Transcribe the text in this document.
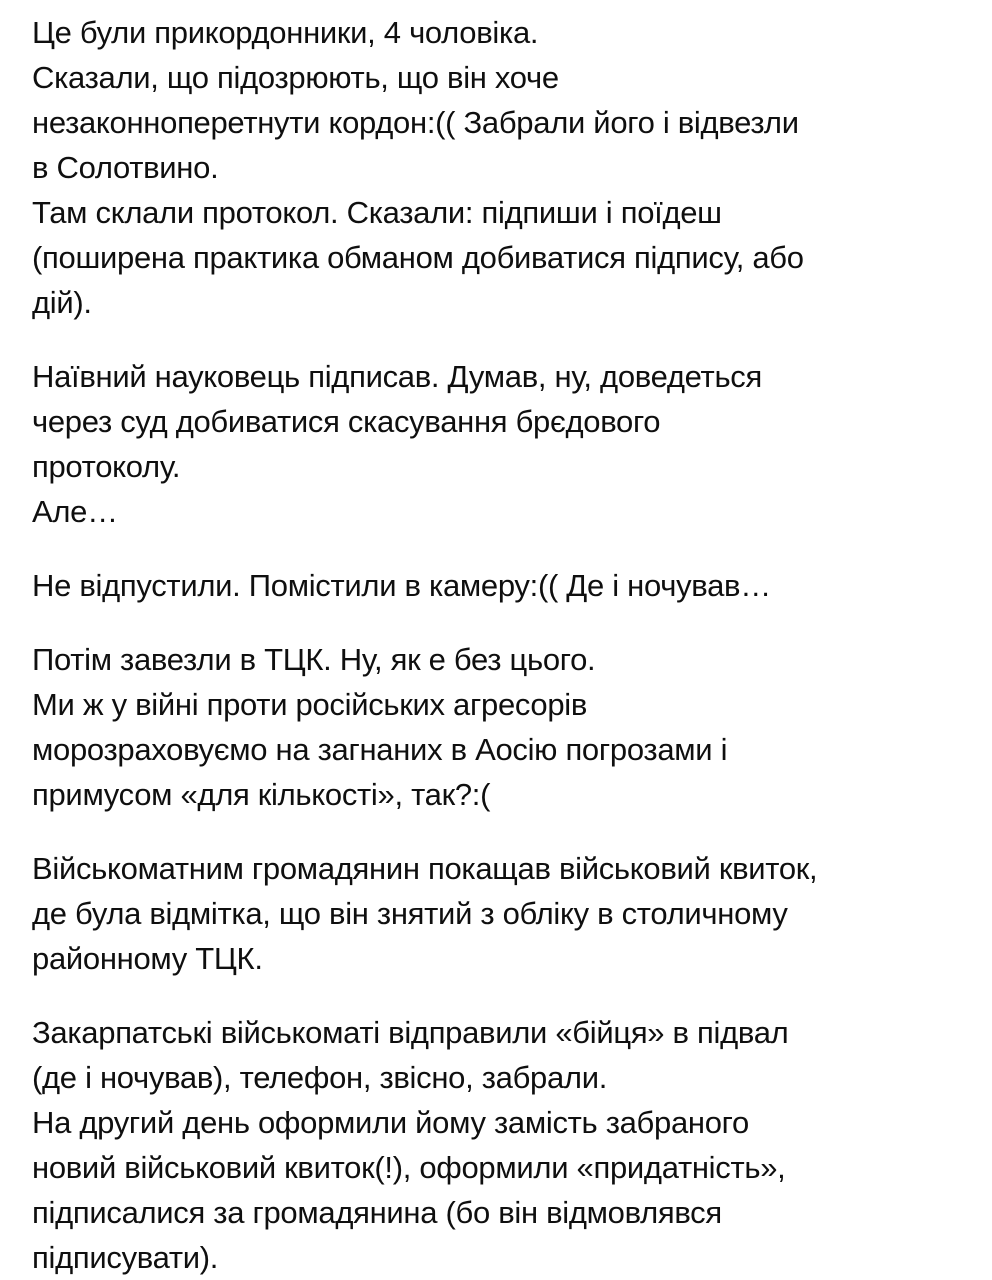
Це були прикордонники, 4 чоловіка.
Сказали, що підозрюють, що він хоче
незаконноперетнути кордон:(( Забрали його і відвезли
в Солотвино.
Там склали протокол. Сказали: підпиши і поїдеш
(поширена практика обманом добиватися підпису, або
дій).
Наївний науковець підписав. Думав, ну, доведеться
через суд добиватися скасування брєдового
протоколу.
Але…
Не відпустили. Помістили в камеру:(( Де і ночував…
Потім завезли в ТЦК. Ну, як е без цього.
Ми ж у війні проти російських агресорів
морозраховуємо на загнаних в Аосію погрозами і
примусом «для кількості», так?:(
Військоматним громадянин покащав військовий квиток,
де була відмітка, що він знятий з обліку в столичному
районному ТЦК.
Закарпатські військоматі відправили «бійця» в підвал
(де і ночував), телефон, звісно, забрали.
На другий день оформили йому замість забраного
новий військовий квиток(!), оформили «придатність»,
підписалися за громадянина (бо він відмовлявся
підписувати).
